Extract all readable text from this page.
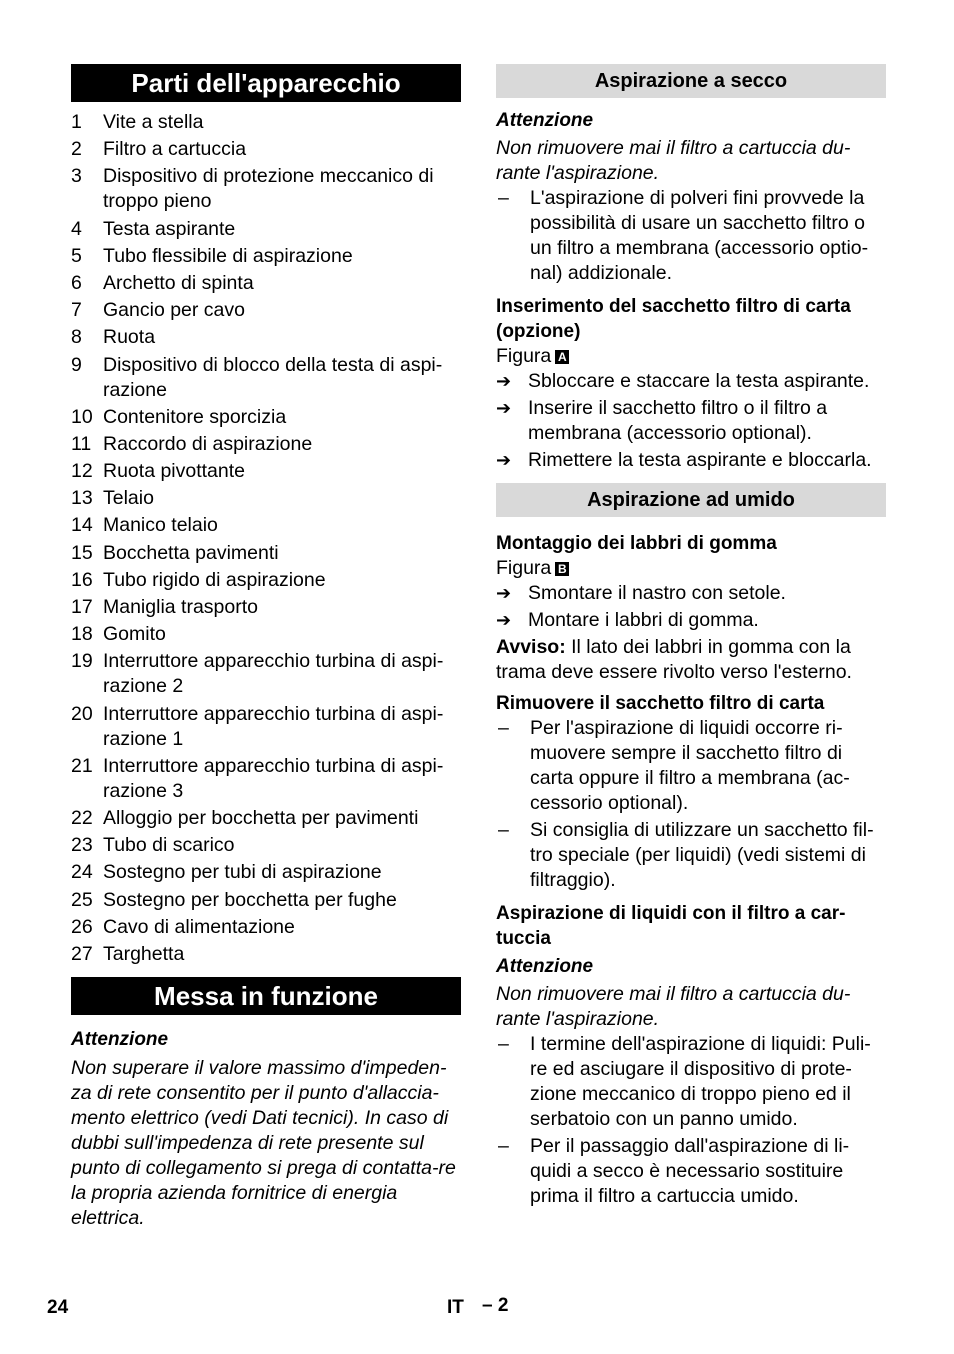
Parti dell'apparecchio
1	Vite a stella
2	Filtro a cartuccia
3	Dispositivo di protezione meccanico di troppo pieno
4	Testa aspirante
5	Tubo flessibile di aspirazione
6	Archetto di spinta
7	Gancio per cavo
8	Ruota
9	Dispositivo di blocco della testa di aspi-razione
10 Contenitore sporcizia
11 Raccordo di aspirazione
12 Ruota pivottante
13 Telaio
14 Manico telaio
15 Bocchetta pavimenti
16 Tubo rigido di aspirazione
17 Maniglia trasporto
18 Gomito
19 Interruttore apparecchio turbina di aspi-razione 2
20 Interruttore apparecchio turbina di aspi-razione 1
21 Interruttore apparecchio turbina di aspi-razione 3
22 Alloggio per bocchetta per pavimenti
23 Tubo di scarico
24 Sostegno per tubi di aspirazione
25 Sostegno per bocchetta per fughe
26 Cavo di alimentazione
27 Targhetta
Messa in funzione
Attenzione
Non superare il valore massimo d'impeden-za di rete consentito per il punto d'allaccia-mento elettrico (vedi Dati tecnici). In caso di dubbi sull'impedenza di rete presente sul punto di collegamento si prega di contatta-re la propria azienda fornitrice di energia elettrica.
Aspirazione a secco
Attenzione
Non rimuovere mai il filtro a cartuccia du-rante l'aspirazione.
–	L'aspirazione di polveri fini provvede la possibilità di usare un sacchetto filtro o un filtro a membrana (accessorio optio-nal) addizionale.
Inserimento del sacchetto filtro di carta (opzione)
Figura A
➔ Sbloccare e staccare la testa aspirante.
➔ Inserire il sacchetto filtro o il filtro a membrana (accessorio optional).
➔ Rimettere la testa aspirante e bloccarla.
Aspirazione ad umido
Montaggio dei labbri di gomma
Figura B
➔ Smontare il nastro con setole.
➔ Montare i labbri di gomma.
Avviso: Il lato dei labbri in gomma con la trama deve essere rivolto verso l'esterno.
Rimuovere il sacchetto filtro di carta
–	Per l'aspirazione di liquidi occorre ri-muovere sempre il sacchetto filtro di carta oppure il filtro a membrana (ac-cessorio optional).
–	Si consiglia di utilizzare un sacchetto fil-tro speciale (per liquidi) (vedi sistemi di filtraggio).
Aspirazione di liquidi con il filtro a car-tuccia
Attenzione
Non rimuovere mai il filtro a cartuccia du-rante l'aspirazione.
–	I termine dell'aspirazione di liquidi: Puli-re ed asciugare il dispositivo di prote-zione meccanico di troppo pieno ed il serbatoio con un panno umido.
–	Per il passaggio dall'aspirazione di li-quidi a secco è necessario sostituire prima il filtro a cartuccia umido.
24	IT – 2
